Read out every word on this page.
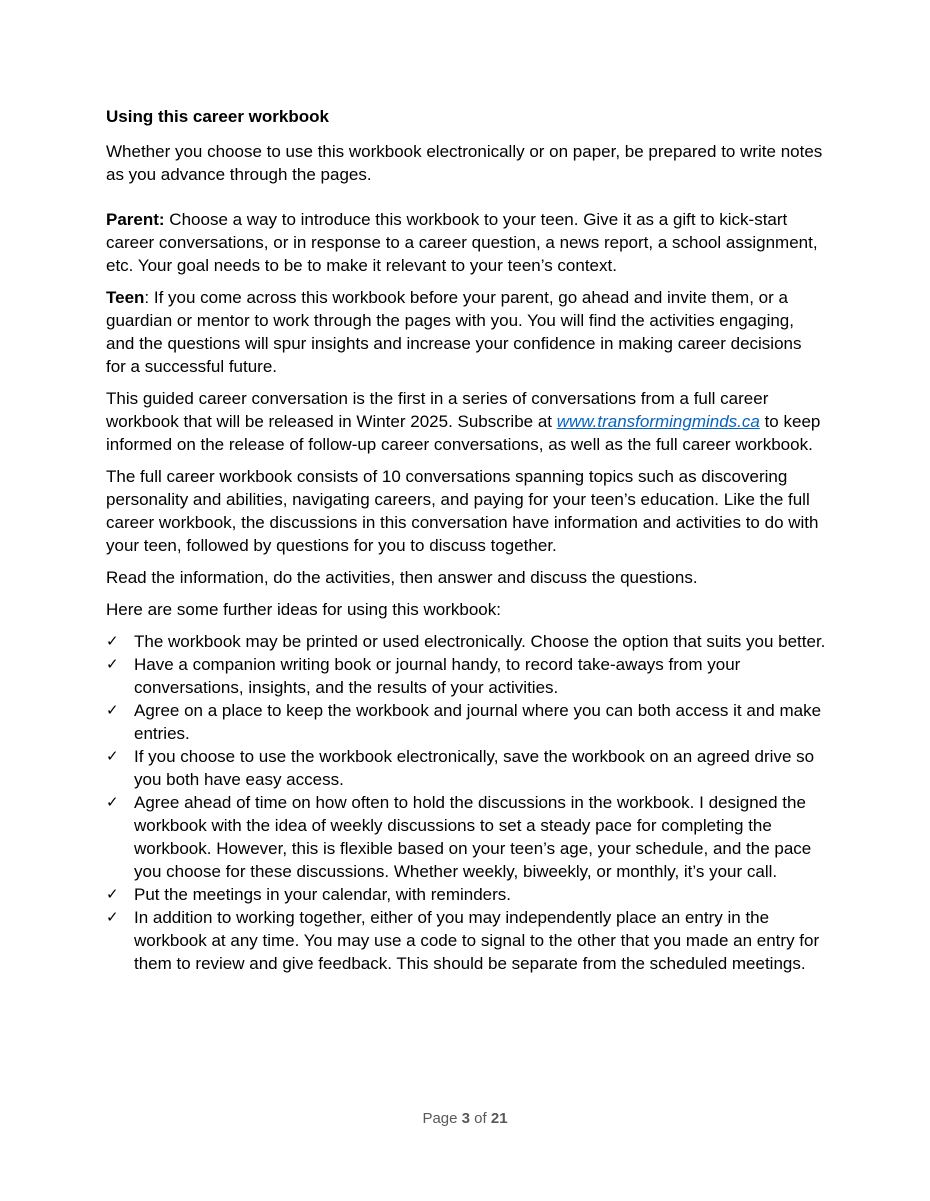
Using this career workbook

Whether you choose to use this workbook electronically or on paper, be prepared to write notes as you advance through the pages.

Parent: Choose a way to introduce this workbook to your teen. Give it as a gift to kick-start career conversations, or in response to a career question, a news report, a school assignment, etc. Your goal needs to be to make it relevant to your teen’s context.

Teen: If you come across this workbook before your parent, go ahead and invite them, or a guardian or mentor to work through the pages with you. You will find the activities engaging, and the questions will spur insights and increase your confidence in making career decisions for a successful future.

This guided career conversation is the first in a series of conversations from a full career workbook that will be released in Winter 2025. Subscribe at www.transformingminds.ca to keep informed on the release of follow-up career conversations, as well as the full career workbook.

The full career workbook consists of 10 conversations spanning topics such as discovering personality and abilities, navigating careers, and paying for your teen’s education. Like the full career workbook, the discussions in this conversation have information and activities to do with your teen, followed by questions for you to discuss together.

Read the information, do the activities, then answer and discuss the questions.

Here are some further ideas for using this workbook:

✓ The workbook may be printed or used electronically. Choose the option that suits you better.
✓ Have a companion writing book or journal handy, to record take-aways from your conversations, insights, and the results of your activities.
✓ Agree on a place to keep the workbook and journal where you can both access it and make entries.
✓ If you choose to use the workbook electronically, save the workbook on an agreed drive so you both have easy access.
✓ Agree ahead of time on how often to hold the discussions in the workbook. I designed the workbook with the idea of weekly discussions to set a steady pace for completing the workbook. However, this is flexible based on your teen’s age, your schedule, and the pace you choose for these discussions. Whether weekly, biweekly, or monthly, it’s your call.
✓ Put the meetings in your calendar, with reminders.
✓ In addition to working together, either of you may independently place an entry in the workbook at any time. You may use a code to signal to the other that you made an entry for them to review and give feedback. This should be separate from the scheduled meetings.
Page 3 of 21
